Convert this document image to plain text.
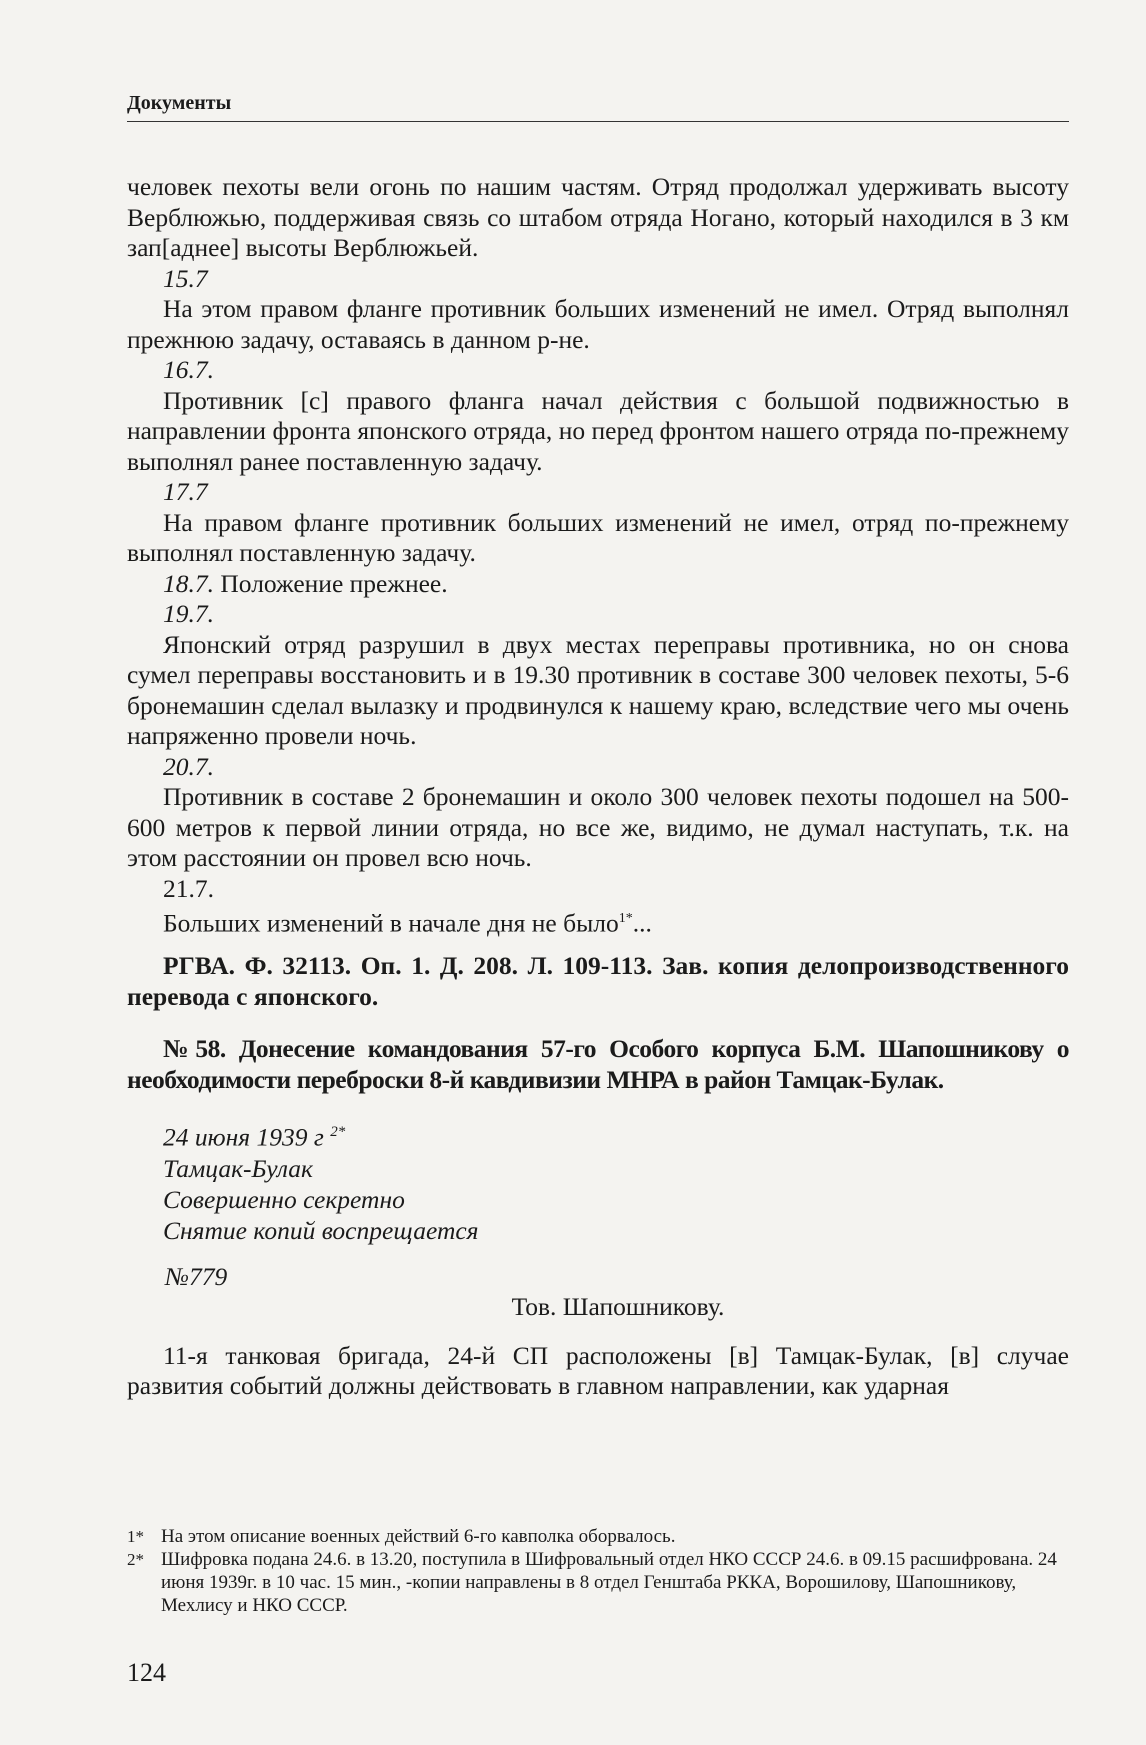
Документы

человек пехоты вели огонь по нашим частям. Отряд продолжал удерживать высоту Верблюжью, поддерживая связь со штабом отряда Ногано, который находился в 3 км зап[аднее] высоты Верблюжьей.

15.7

На этом правом фланге противник больших изменений не имел. Отряд выполнял прежнюю задачу, оставаясь в данном р-не.

16.7.

Противник [с] правого фланга начал действия с большой подвижностью в направлении фронта японского отряда, но перед фронтом нашего отряда по-прежнему выполнял ранее поставленную задачу.

17.7

На правом фланге противник больших изменений не имел, отряд по-прежнему выполнял поставленную задачу.

18.7. Положение прежнее.

19.7.

Японский отряд разрушил в двух местах переправы противника, но он снова сумел переправы восстановить и в 19.30 противник в составе 300 человек пехоты, 5-6 бронемашин сделал вылазку и продвинулся к нашему краю, вследствие чего мы очень напряженно провели ночь.

20.7.

Противник в составе 2 бронемашин и около 300 человек пехоты подошел на 500-600 метров к первой линии отряда, но все же, видимо, не думал наступать, т.к. на этом расстоянии он провел всю ночь.

21.7.

Больших изменений в начале дня не было$^{1*}$...

РГВА. Ф. 32113. Оп. 1. Д. 208. Л. 109-113. Зав. копия делопроизводственного перевода с японского.

№58. Донесение командования 57-го Особого корпуса Б.М. Шапошникову о необходимости переброски 8-й кавдивизии МНРА в район Тамцак-Булак.

24 июня 1939 г $^{2*}$
Тамцак-Булак
Совершенно секретно
Снятие копий воспрещается
№779

Тов. Шапошникову.

11-я танковая бригада, 24-й СП расположены [в] Тамцак-Булак, [в] случае развития событий должны действовать в главном направлении, как ударная

1* На этом описание военных действий 6-го кавполка оборвалось.
2* Шифровка подана 24.6. в 13.20, поступила в Шифровальный отдел НКО СССР 24.6. в 09.15 расшифрована. 24 июня 1939г. в 10 час. 15 мин., -копии направлены в 8 отдел Генштаба РККА, Ворошилову, Шапошникову, Мехлису и НКО СССР.
124
